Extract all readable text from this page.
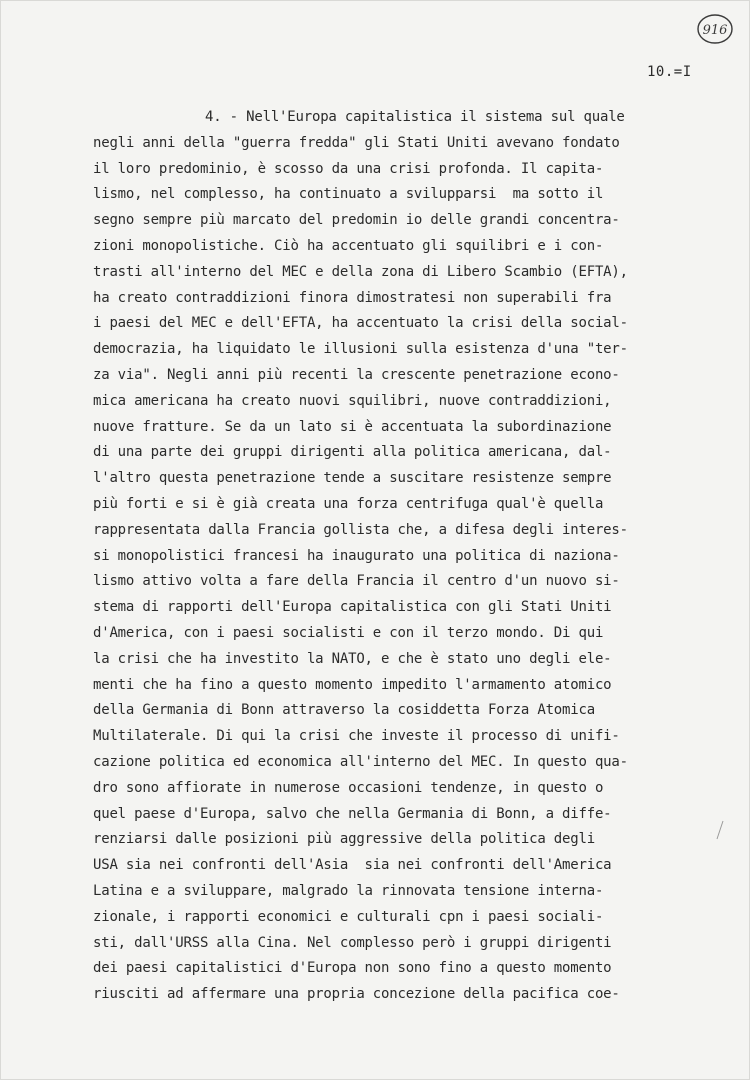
916
10.=I
4. - Nell'Europa capitalistica il sistema sul quale
negli anni della "guerra fredda" gli Stati Uniti avevano fondato
il loro predominio, è scosso da una crisi profonda. Il capita-
lismo, nel complesso, ha continuato a svilupparsi  ma sotto il
segno sempre più marcato del predomin io delle grandi concentra-
zioni monopolistiche. Ciò ha accentuato gli squilibri e i con-
trasti all'interno del MEC e della zona di Libero Scambio (EFTA),
ha creato contraddizioni finora dimostratesi non superabili fra
i paesi del MEC e dell'EFTA, ha accentuato la crisi della social-
democrazia, ha liquidato le illusioni sulla esistenza d'una "ter-
za via". Negli anni più recenti la crescente penetrazione econo-
mica americana ha creato nuovi squilibri, nuove contraddizioni,
nuove fratture. Se da un lato si è accentuata la subordinazione
di una parte dei gruppi dirigenti alla politica americana, dal-
l'altro questa penetrazione tende a suscitare resistenze sempre
più forti e si è già creata una forza centrifuga qual'è quella
rappresentata dalla Francia gollista che, a difesa degli interes-
si monopolistici francesi ha inaugurato una politica di naziona-
lismo attivo volta a fare della Francia il centro d'un nuovo si-
stema di rapporti dell'Europa capitalistica con gli Stati Uniti
d'America, con i paesi socialisti e con il terzo mondo. Di qui
la crisi che ha investito la NATO, e che è stato uno degli ele-
menti che ha fino a questo momento impedito l'armamento atomico
della Germania di Bonn attraverso la cosiddetta Forza Atomica
Multilaterale. Di qui la crisi che investe il processo di unifi-
cazione politica ed economica all'interno del MEC. In questo qua-
dro sono affiorate in numerose occasioni tendenze, in questo o
quel paese d'Europa, salvo che nella Germania di Bonn, a diffe-
renziarsi dalle posizioni più aggressive della politica degli
USA sia nei confronti dell'Asia  sia nei confronti dell'America
Latina e a sviluppare, malgrado la rinnovata tensione interna-
zionale, i rapporti economici e culturali cpn i paesi sociali-
sti, dall'URSS alla Cina. Nel complesso però i gruppi dirigenti
dei paesi capitalistici d'Europa non sono fino a questo momento
riusciti ad affermare una propria concezione della pacifica coe-
